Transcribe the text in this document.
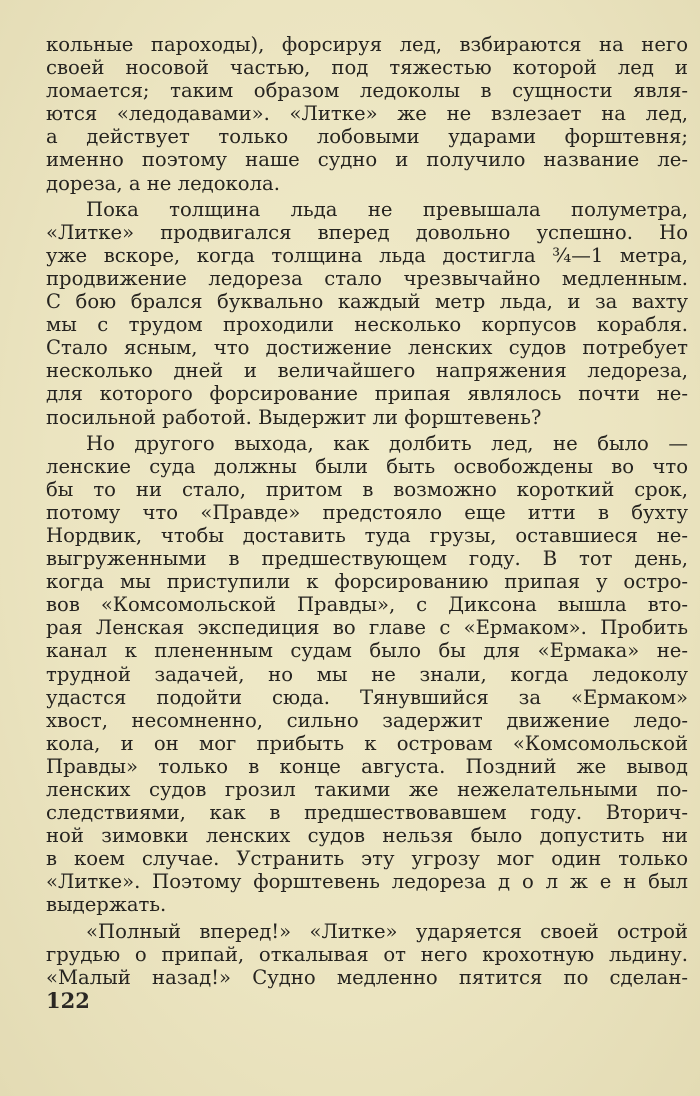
кольные пароходы), форсируя лед, взбираются на него
своей носовой частью, под тяжестью которой лед и
ломается; таким образом ледоколы в сущности явля-
ются «ледодавами». «Литке» же не взлезает на лед,
а действует только лобовыми ударами форштевня;
именно поэтому наше судно и получило название ле-
дореза, а не ледокола.
Пока толщина льда не превышала полуметра,
«Литке» продвигался вперед довольно успешно. Но
уже вскоре, когда толщина льда достигла ¾—1 метра,
продвижение ледореза стало чрезвычайно медленным.
С бою брался буквально каждый метр льда, и за вахту
мы с трудом проходили несколько корпусов корабля.
Стало ясным, что достижение ленских судов потребует
несколько дней и величайшего напряжения ледореза,
для которого форсирование припая являлось почти не-
посильной работой. Выдержит ли форштевень?
Но другого выхода, как долбить лед, не было —
ленские суда должны были быть освобождены во что
бы то ни стало, притом в возможно короткий срок,
потому что «Правде» предстояло еще итти в бухту
Нордвик, чтобы доставить туда грузы, оставшиеся не-
выгруженными в предшествующем году. В тот день,
когда мы приступили к форсированию припая у остро-
вов «Комсомольской Правды», с Диксона вышла вто-
рая Ленская экспедиция во главе с «Ермаком». Пробить
канал к плененным судам было бы для «Ермака» не-
трудной задачей, но мы не знали, когда ледоколу
удастся подойти сюда. Тянувшийся за «Ермаком»
хвост, несомненно, сильно задержит движение ледо-
кола, и он мог прибыть к островам «Комсомольской
Правды» только в конце августа. Поздний же вывод
ленских судов грозил такими же нежелательными по-
следствиями, как в предшествовавшем году. Вторич-
ной зимовки ленских судов нельзя было допустить ни
в коем случае. Устранить эту угрозу мог один только
«Литке». Поэтому форштевень ледореза д о л ж е н был
выдержать.
«Полный вперед!» «Литке» ударяется своей острой
грудью о припай, откалывая от него крохотную льдину.
«Малый назад!» Судно медленно пятится по сделан-
122
